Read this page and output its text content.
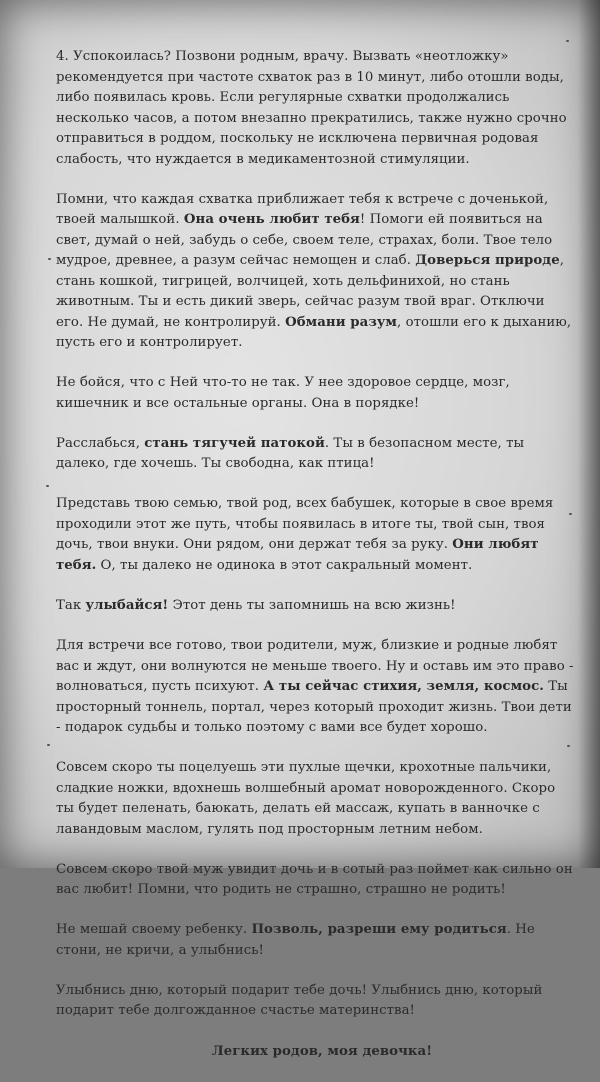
4. Успокоилась? Позвони родным, врачу. Вызвать «неотложку» рекомендуется при частоте схваток раз в 10 минут, либо отошли воды, либо появилась кровь. Если регулярные схватки продолжались несколько часов, а потом внезапно прекратились, также нужно срочно отправиться в роддом, поскольку не исключена первичная родовая слабость, что нуждается в медикаментозной стимуляции.

Помни, что каждая схватка приближает тебя к встрече с доченькой, твоей малышкой. Она очень любит тебя! Помоги ей появиться на свет, думай о ней, забудь о себе, своем теле, страхах, боли. Твое тело мудрое, древнее, а разум сейчас немощен и слаб. Доверься природе, стань кошкой, тигрицей, волчицей, хоть дельфинихой, но стань животным. Ты и есть дикий зверь, сейчас разум твой враг. Отключи его. Не думай, не контролируй. Обмани разум, отошли его к дыханию, пусть его и контролирует.

Не бойся, что с Ней что-то не так. У нее здоровое сердце, мозг, кишечник и все остальные органы. Она в порядке!

Расслабься, стань тягучей патокой. Ты в безопасном месте, ты далеко, где хочешь. Ты свободна, как птица!

Представь твою семью, твой род, всех бабушек, которые в свое время проходили этот же путь, чтобы появилась в итоге ты, твой сын, твоя дочь, твои внуки. Они рядом, они держат тебя за руку. Они любят тебя. О, ты далеко не одинока в этот сакральный момент.

Так улыбайся! Этот день ты запомнишь на всю жизнь!

Для встречи все готово, твои родители, муж, близкие и родные любят вас и ждут, они волнуются не меньше твоего. Ну и оставь им это право - волноваться, пусть психуют. А ты сейчас стихия, земля, космос. Ты просторный тоннель, портал, через который проходит жизнь. Твои дети - подарок судьбы и только поэтому с вами все будет хорошо.

Совсем скоро ты поцелуешь эти пухлые щечки, крохотные пальчики, сладкие ножки, вдохнешь волшебный аромат новорожденного. Скоро ты будет пеленать, баюкать, делать ей массаж, купать в ванночке с лавандовым маслом, гулять под просторным летним небом.

Совсем скоро твой муж увидит дочь и в сотый раз поймет как сильно он вас любит! Помни, что родить не страшно, страшно не родить!

Не мешай своему ребенку. Позволь, разреши ему родиться. Не стони, не кричи, а улыбнись!

Улыбнись дню, который подарит тебе дочь! Улыбнись дню, который подарит тебе долгожданное счастье материнства!

Легких родов, моя девочка!
